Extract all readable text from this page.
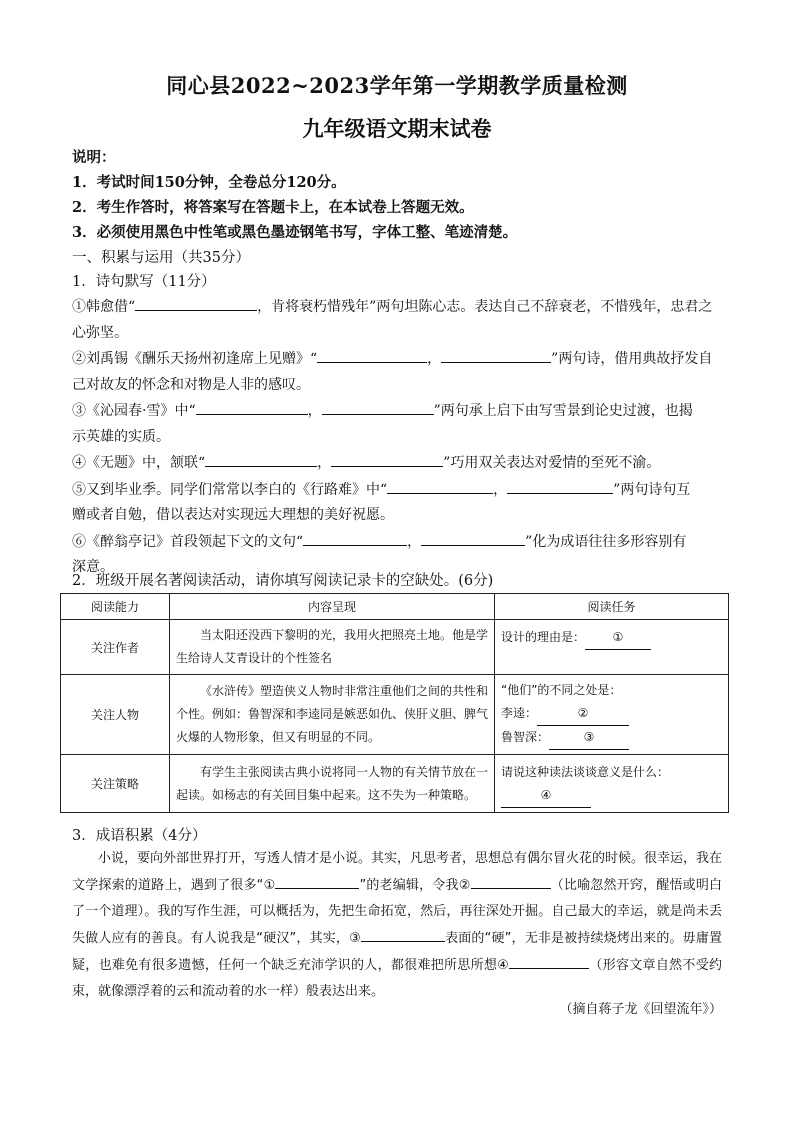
同心县2022~2023学年第一学期教学质量检测
九年级语文期末试卷
说明：
1．考试时间150分钟，全卷总分120分。
2．考生作答时，将答案写在答题卡上，在本试卷上答题无效。
3．必须使用黑色中性笔或黑色墨迹钢笔书写，字体工整、笔迹清楚。
一、积累与运用（共35分）
1．诗句默写（11分）
①韩愈借“	，肯将衰朽惜残年”两句坦陈心志。表达自己不辞衰老，不惜残年，忠君之
心弥坚。
②刘禹锡《酬乐天扬州初逢席上见赠》“	，	”两句诗，借用典故抒发自
己对故友的怀念和对物是人非的感叹。
③《沁园春·雪》中“	，	”两句承上启下由写雪景到论史过渡，也揭
示英雄的实质。
④《无题》中，颔联“	，	”巧用双关表达对爱情的至死不渝。
⑤又到毕业季。同学们常常以李白的《行路难》中“	，	”两句诗句互
赠或者自勉，借以表达对实现远大理想的美好祝愿。
⑥《醉翁亭记》首段领起下文的文句“	，	”化为成语往往多形容别有
深意。
2．班级开展名著阅读活动，请你填写阅读记录卡的空缺处。(6分)
阅读能力	内容呈现	阅读任务
关注作者	当太阳还没西下黎明的光，我用火把照亮土地。他是学生给诗人艾青设计的个性签名	设计的理由是： ①
关注人物	《水浒传》塑造侠义人物时非常注重他们之间的共性和个性。例如：鲁智深和李逵同是嫉恶如仇、侠肝义胆、脾气火爆的人物形象，但又有明显的不同。	“他们”的不同之处是：
李逵： ②
鲁智深： ③

关注策略	有学生主张阅读古典小说将同一人物的有关情节放在一起读。如杨志的有关回目集中起来。这不失为一种策略。	请说这种读法谈谈意义是什么：
④
3．成语积累（4分）
小说，要向外部世界打开，写透人情才是小说。其实，凡思考者，思想总有偶尔冒火花的时候。很幸运，我在文学探索的道路上，遇到了很多“①	”的老编辑，令我②	（比喻忽然开窍，醒悟或明白了一个道理）。我的写作生涯，可以概括为，先把生命拓宽，然后，再往深处开掘。自己最大的幸运，就是尚未丢失做人应有的善良。有人说我是“硬汉”，其实，③	表面的“硬”，无非是被持续烧烤出来的。毋庸置疑，也难免有很多遗憾，任何一个缺乏充沛学识的人，都很难把所思所想④	（形容文章自然不受约束，就像漂浮着的云和流动着的水一样）般表达出来。
（摘自蒋子龙《回望流年》）
